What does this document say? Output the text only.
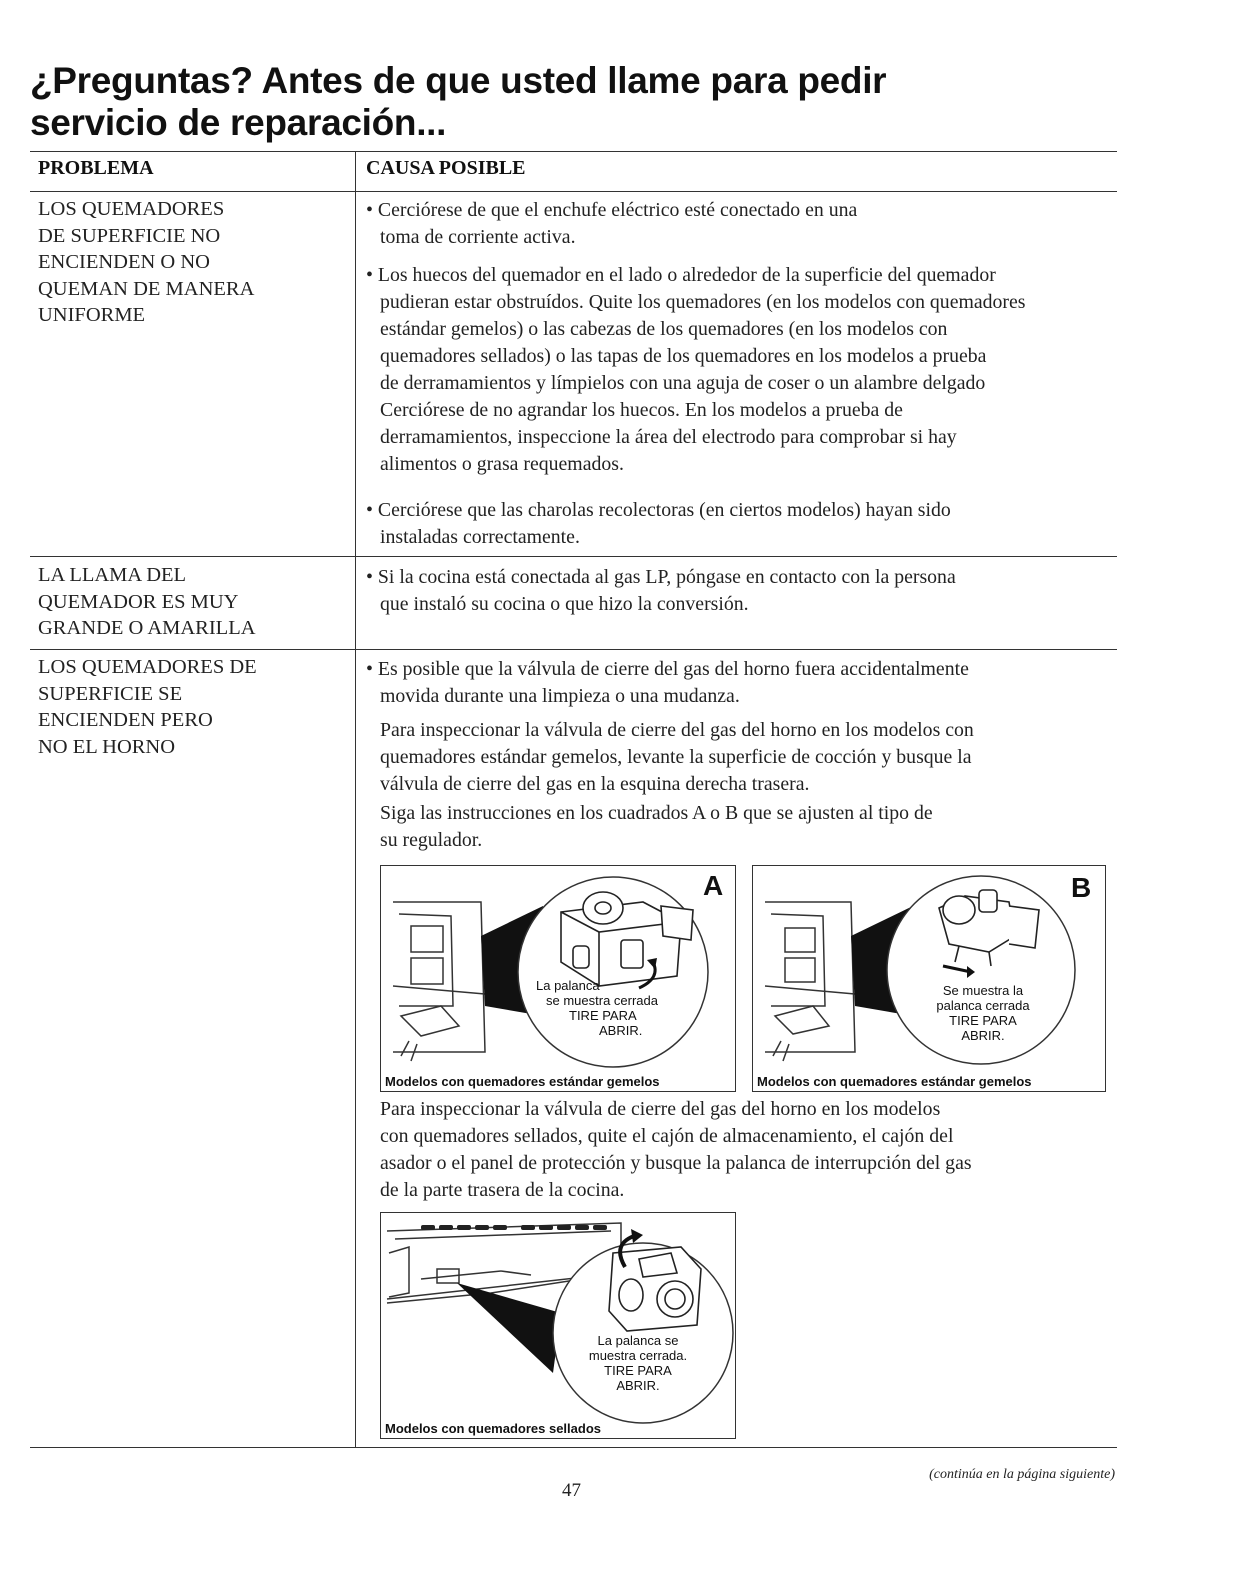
¿Preguntas? Antes de que usted llame para pedir
servicio de reparación...
PROBLEMA	CAUSA POSIBLE
LOS QUEMADORES
DE SUPERFICIE NO
ENCIENDEN O NO
QUEMAN DE MANERA
UNIFORME
• Cerciórese de que el enchufe eléctrico esté conectado en una
toma de corriente activa.
• Los huecos del quemador en el lado o alrededor de la superficie del quemador
pudieran estar obstruídos. Quite los quemadores (en los modelos con quemadores
estándar gemelos) o las cabezas de los quemadores (en los modelos con
quemadores sellados) o las tapas de los quemadores en los modelos a prueba
de derramamientos y límpielos con una aguja de coser o un alambre delgado
Cerciórese de no agrandar los huecos. En los modelos a prueba de
derramamientos, inspeccione la área del electrodo para comprobar si hay
alimentos o grasa requemados.
• Cerciórese que las charolas recolectoras (en ciertos modelos) hayan sido
instaladas correctamente.
LA LLAMA DEL
QUEMADOR ES MUY
GRANDE O AMARILLA
• Si la cocina está conectada al gas LP, póngase en contacto con la persona
que instaló su cocina o que hizo la conversión.
LOS QUEMADORES DE
SUPERFICIE SE
ENCIENDEN PERO
NO EL HORNO
• Es posible que la válvula de cierre del gas del horno fuera accidentalmente
movida durante una limpieza o una mudanza.
Para inspeccionar la válvula de cierre del gas del horno en los modelos con
quemadores estándar gemelos, levante la superficie de cocción y busque la
válvula de cierre del gas en la esquina derecha trasera.
Siga las instrucciones en los cuadrados A o B que se ajusten al tipo de
su regulador.
A
La palanca
se muestra cerrada
TIRE PARA
ABRIR.
Modelos con quemadores estándar gemelos
B
Se muestra la
palanca cerrada
TIRE PARA
ABRIR.
Modelos con quemadores estándar gemelos
Para inspeccionar la válvula de cierre del gas del horno en los modelos
con quemadores sellados, quite el cajón de almacenamiento, el cajón del
asador o el panel de protección y busque la palanca de interrupción del gas
de la parte trasera de la cocina.
La palanca se
muestra cerrada.
TIRE PARA
ABRIR.
Modelos con quemadores sellados
(continúa en la página siguiente)
47
